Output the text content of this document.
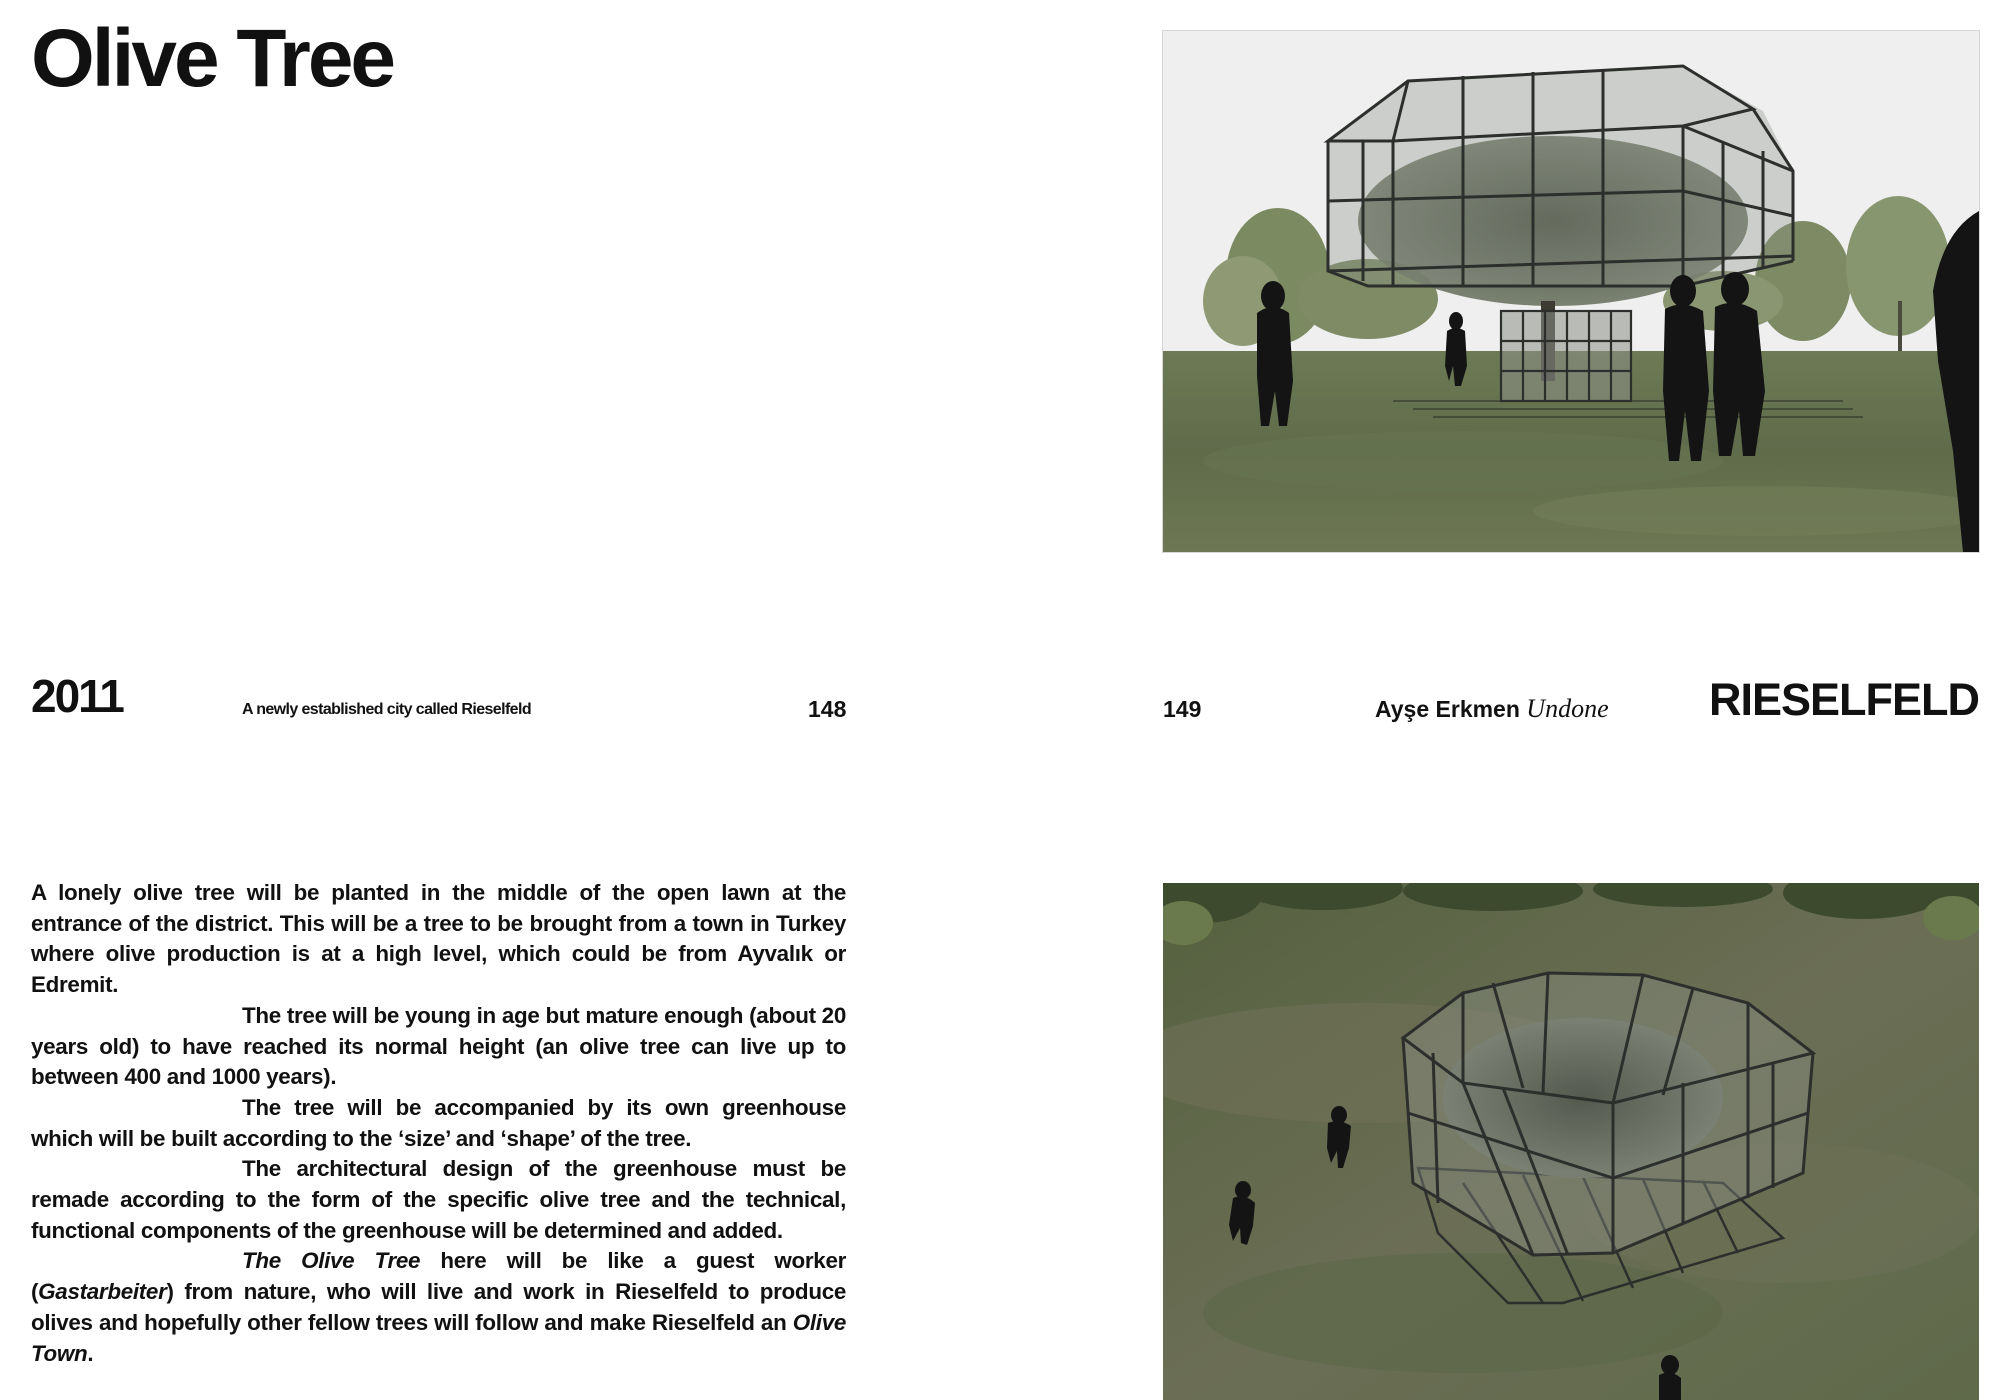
Olive Tree
2011	A newly established city called Rieselfeld	148	149	Ayşe Erkmen Undone	RIESELFELD

A lonely olive tree will be planted in the middle of the open lawn at the entrance of the district. This will be a tree to be brought from a town in Turkey where olive production is at a high level, which could be from Ayvalık or Edremit.

The tree will be young in age but mature enough (about 20 years old) to have reached its normal height (an olive tree can live up to between 400 and 1000 years).

The tree will be accompanied by its own greenhouse which will be built according to the ‘size’ and ‘shape’ of the tree.

The architectural design of the greenhouse must be remade according to the form of the specific olive tree and the technical, functional components of the greenhouse will be determined and added.

The Olive Tree here will be like a guest worker (Gastarbeiter) from nature, who will live and work in Rieselfeld to produce olives and hopefully other fellow trees will follow and make Rieselfeld an Olive Town.
